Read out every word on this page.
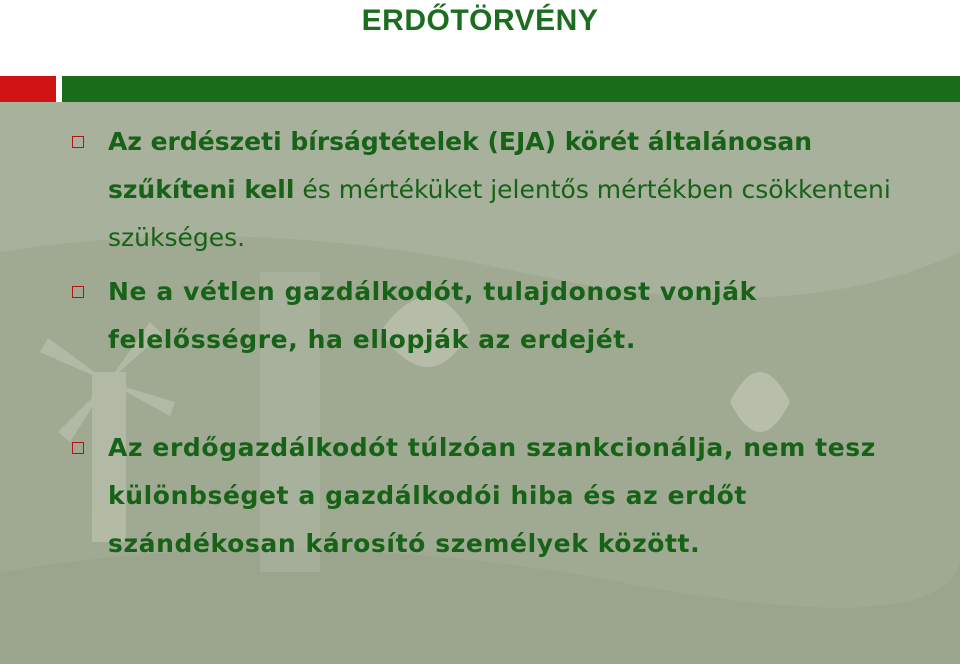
ERDŐTÖRVÉNY
Az erdészeti bírságtételek (EJA) körét általánosan szűkíteni kell és mértéküket jelentős mértékben csökkenteni szükséges.
Ne a vétlen gazdálkodót, tulajdonost vonják felelősségre, ha ellopják az erdejét.
Az erdőgazdálkodót túlzóan szankcionálja, nem tesz különbséget a gazdálkodói hiba és az erdőt szándékosan károsító személyek között.
